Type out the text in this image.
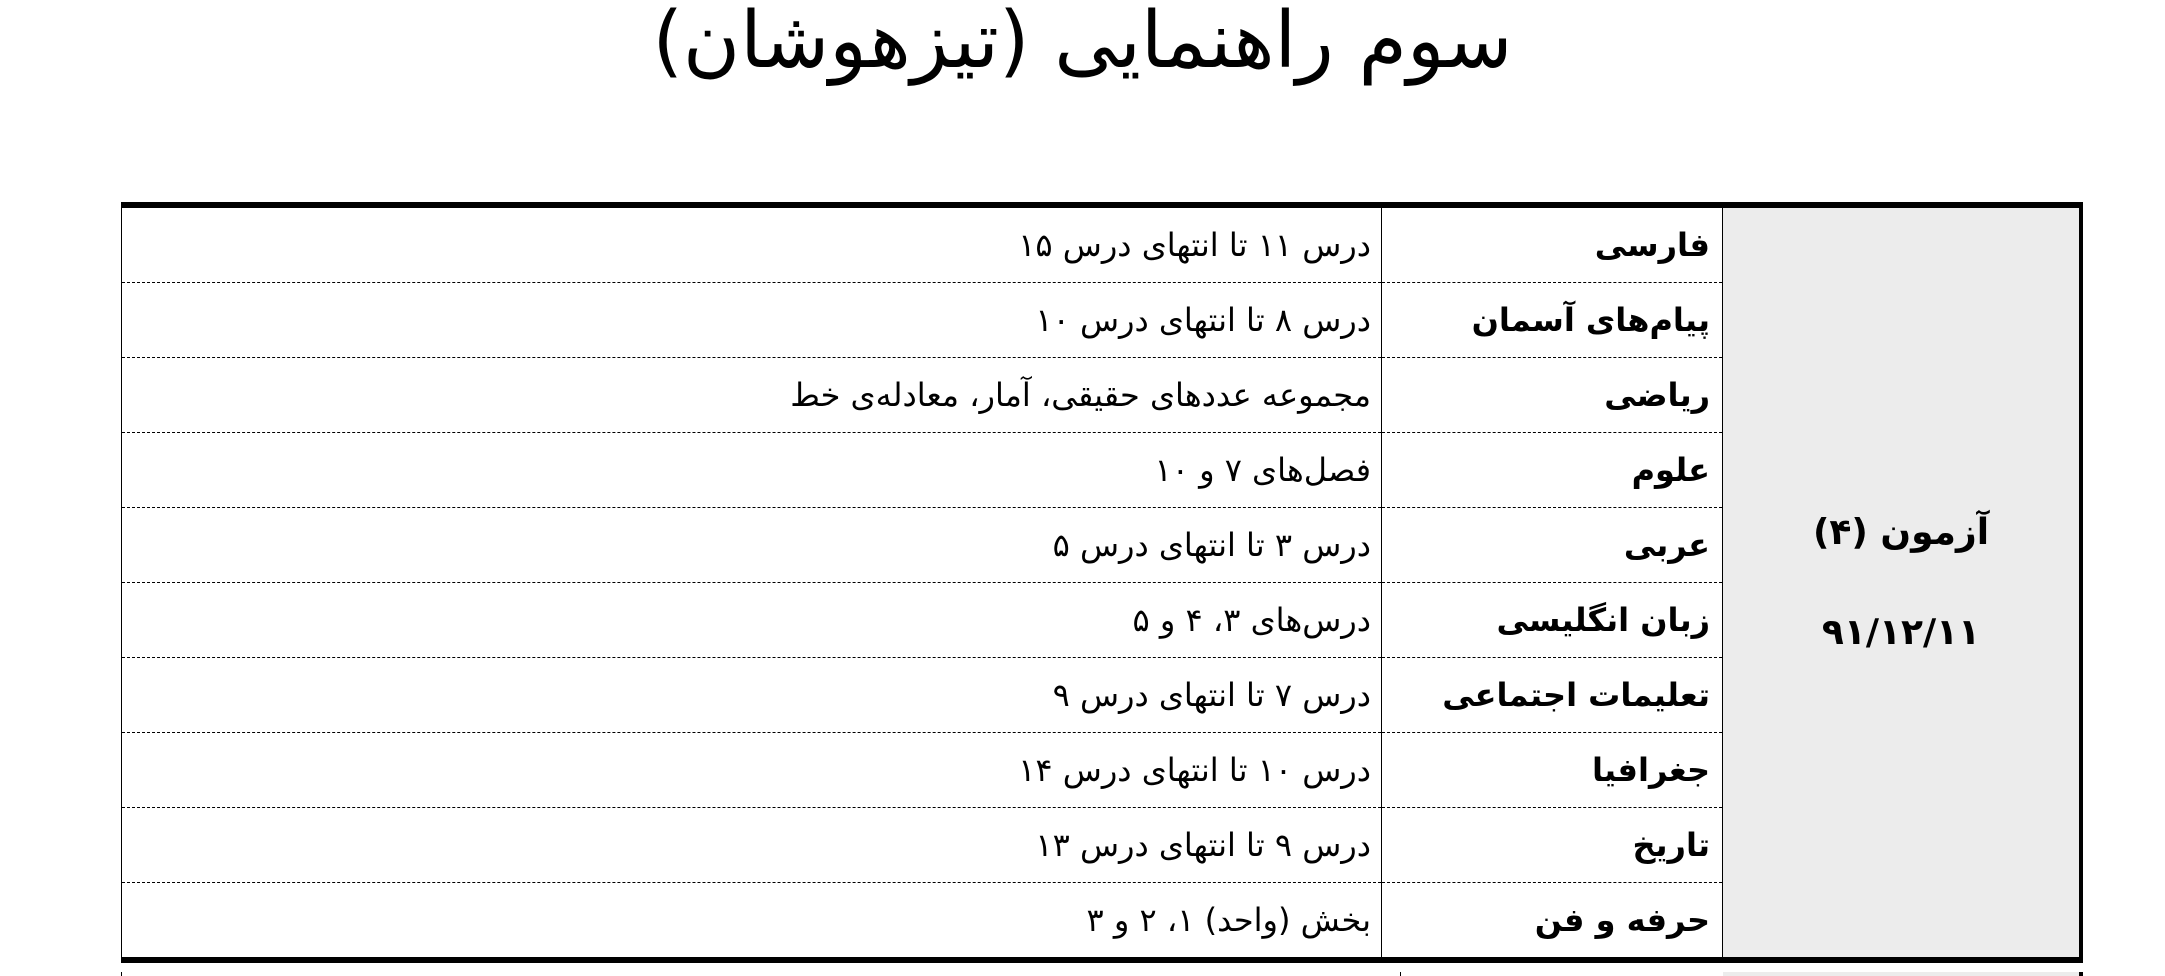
سوم راهنمایی (تیزهوشان)
آزمون (۴)
۹۱/۱۲/۱۱	فارسی	درس ۱۱ تا انتهای درس ۱۵
	پیام‌های آسمان	درس ۸ تا انتهای درس ۱۰
	ریاضی	مجموعه عددهای حقیقی، آمار، معادله‌ی خط
	علوم	فصل‌های ۷ و ۱۰
	عربی	درس ۳ تا انتهای درس ۵
	زبان انگلیسی	درس‌های ۳، ۴ و ۵
	تعلیمات اجتماعی	درس ۷ تا انتهای درس ۹
	جغرافیا	درس ۱۰ تا انتهای درس ۱۴
	تاریخ	درس ۹ تا انتهای درس ۱۳
	حرفه و فن	بخش (واحد) ۱، ۲ و ۳
